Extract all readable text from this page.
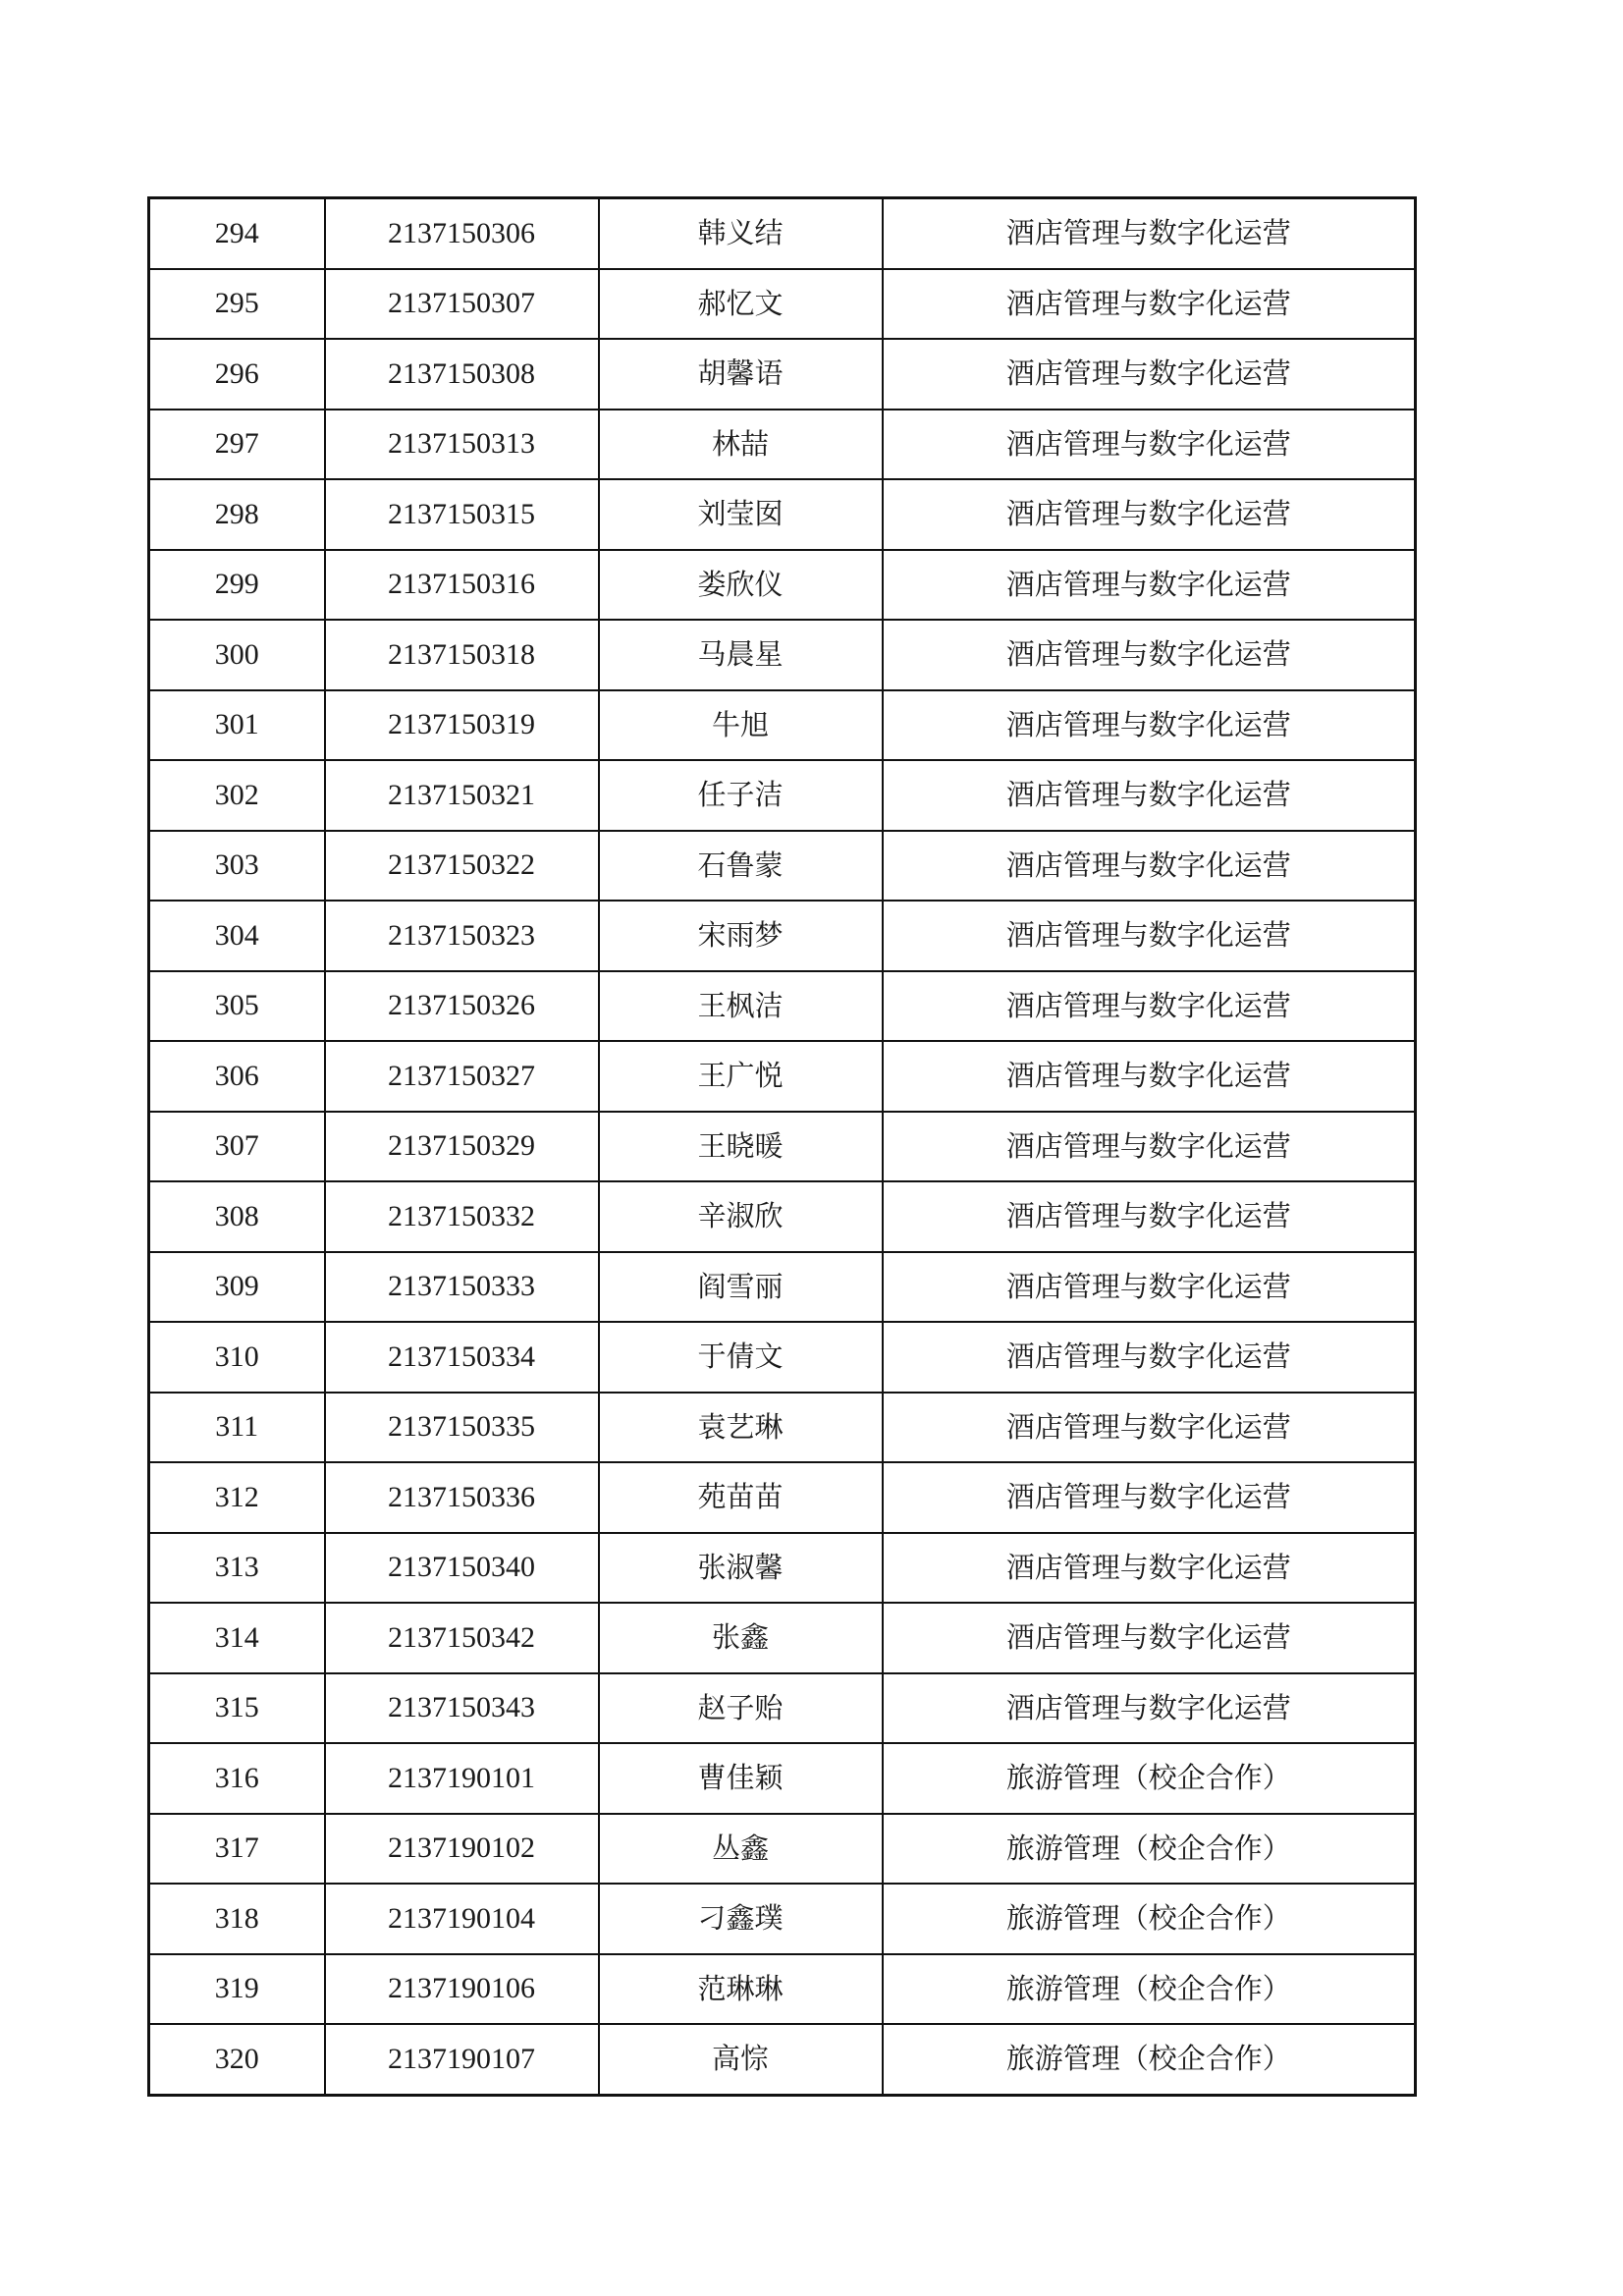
294	2137150306	韩义结	酒店管理与数字化运营
295	2137150307	郝忆文	酒店管理与数字化运营
296	2137150308	胡馨语	酒店管理与数字化运营
297	2137150313	林喆	酒店管理与数字化运营
298	2137150315	刘莹囡	酒店管理与数字化运营
299	2137150316	娄欣仪	酒店管理与数字化运营
300	2137150318	马晨星	酒店管理与数字化运营
301	2137150319	牛旭	酒店管理与数字化运营
302	2137150321	任子洁	酒店管理与数字化运营
303	2137150322	石鲁蒙	酒店管理与数字化运营
304	2137150323	宋雨梦	酒店管理与数字化运营
305	2137150326	王枫洁	酒店管理与数字化运营
306	2137150327	王广悦	酒店管理与数字化运营
307	2137150329	王晓暖	酒店管理与数字化运营
308	2137150332	辛淑欣	酒店管理与数字化运营
309	2137150333	阎雪丽	酒店管理与数字化运营
310	2137150334	于倩文	酒店管理与数字化运营
311	2137150335	袁艺琳	酒店管理与数字化运营
312	2137150336	苑苗苗	酒店管理与数字化运营
313	2137150340	张淑馨	酒店管理与数字化运营
314	2137150342	张鑫	酒店管理与数字化运营
315	2137150343	赵子贻	酒店管理与数字化运营
316	2137190101	曹佳颖	旅游管理（校企合作）
317	2137190102	丛鑫	旅游管理（校企合作）
318	2137190104	刁鑫璞	旅游管理（校企合作）
319	2137190106	范琳琳	旅游管理（校企合作）
320	2137190107	高悰	旅游管理（校企合作）
